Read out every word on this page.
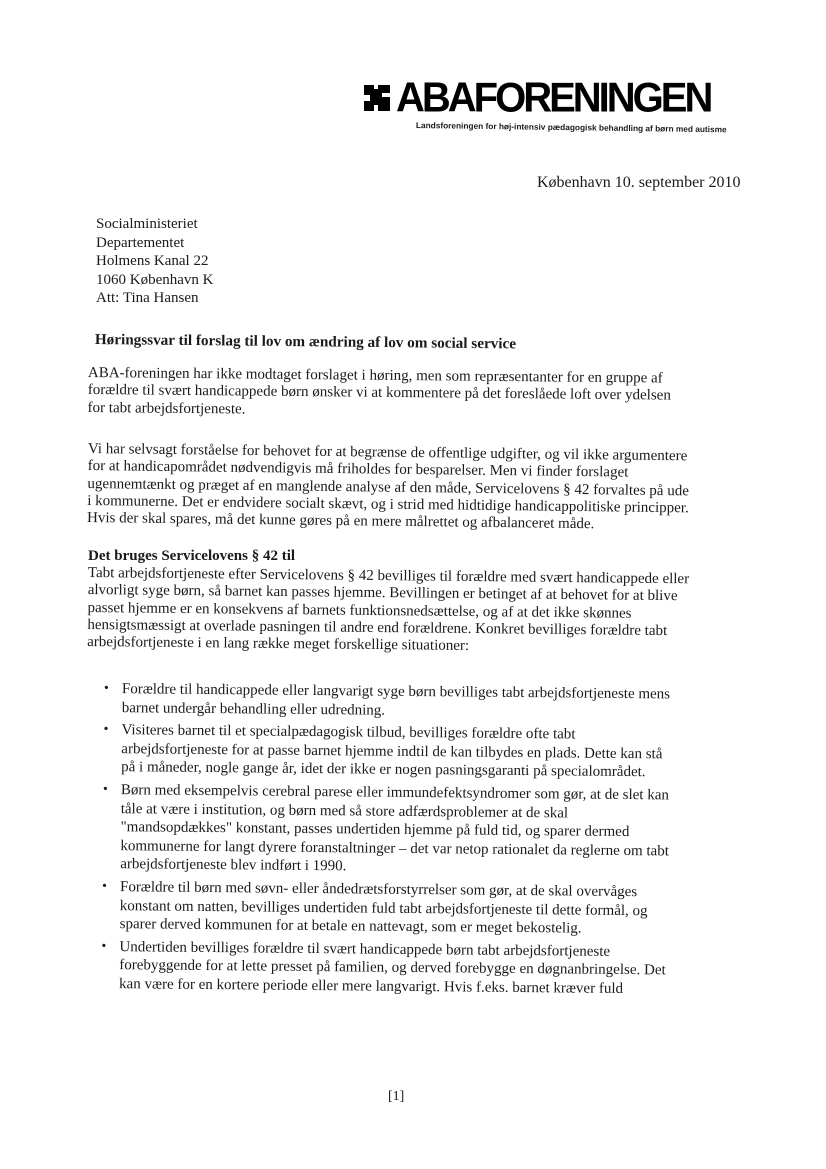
ABAFORENINGEN
Landsforeningen for høj-intensiv pædagogisk behandling af børn med autisme
København 10. september 2010
Socialministeriet
Departementet
Holmens Kanal 22
1060 København K
Att: Tina Hansen
Høringssvar til forslag til lov om ændring af lov om social service
ABA-foreningen har ikke modtaget forslaget i høring, men som repræsentanter for en gruppe af
forældre til svært handicappede børn ønsker vi at kommentere på det foreslåede loft over ydelsen
for tabt arbejdsfortjeneste.
Vi har selvsagt forståelse for behovet for at begrænse de offentlige udgifter, og vil ikke argumentere
for at handicapområdet nødvendigvis må friholdes for besparelser. Men vi finder forslaget
ugennemtænkt og præget af en manglende analyse af den måde, Servicelovens § 42 forvaltes på ude
i kommunerne. Det er endvidere socialt skævt, og i strid med hidtidige handicappolitiske principper.
Hvis der skal spares, må det kunne gøres på en mere målrettet og afbalanceret måde.
Det bruges Servicelovens § 42 til
Tabt arbejdsfortjeneste efter Servicelovens § 42 bevilliges til forældre med svært handicappede eller
alvorligt syge børn, så barnet kan passes hjemme. Bevillingen er betinget af at behovet for at blive
passet hjemme er en konsekvens af barnets funktionsnedsættelse, og af at det ikke skønnes
hensigtsmæssigt at overlade pasningen til andre end forældrene. Konkret bevilliges forældre tabt
arbejdsfortjeneste i en lang række meget forskellige situationer:
• Forældre til handicappede eller langvarigt syge børn bevilliges tabt arbejdsfortjeneste mens
barnet undergår behandling eller udredning.
• Visiteres barnet til et specialpædagogisk tilbud, bevilliges forældre ofte tabt
arbejdsfortjeneste for at passe barnet hjemme indtil de kan tilbydes en plads. Dette kan stå
på i måneder, nogle gange år, idet der ikke er nogen pasningsgaranti på specialområdet.
• Børn med eksempelvis cerebral parese eller immundefektsyndromer som gør, at de slet kan
tåle at være i institution, og børn med så store adfærdsproblemer at de skal
"mandsopdækkes" konstant, passes undertiden hjemme på fuld tid, og sparer dermed
kommunerne for langt dyrere foranstaltninger – det var netop rationalet da reglerne om tabt
arbejdsfortjeneste blev indført i 1990.
• Forældre til børn med søvn- eller åndedrætsforstyrrelser som gør, at de skal overvåges
konstant om natten, bevilliges undertiden fuld tabt arbejdsfortjeneste til dette formål, og
sparer derved kommunen for at betale en nattevagt, som er meget bekostelig.
• Undertiden bevilliges forældre til svært handicappede børn tabt arbejdsfortjeneste
forebyggende for at lette presset på familien, og derved forebygge en døgnanbringelse. Det
kan være for en kortere periode eller mere langvarigt. Hvis f.eks. barnet kræver fuld
[1]
